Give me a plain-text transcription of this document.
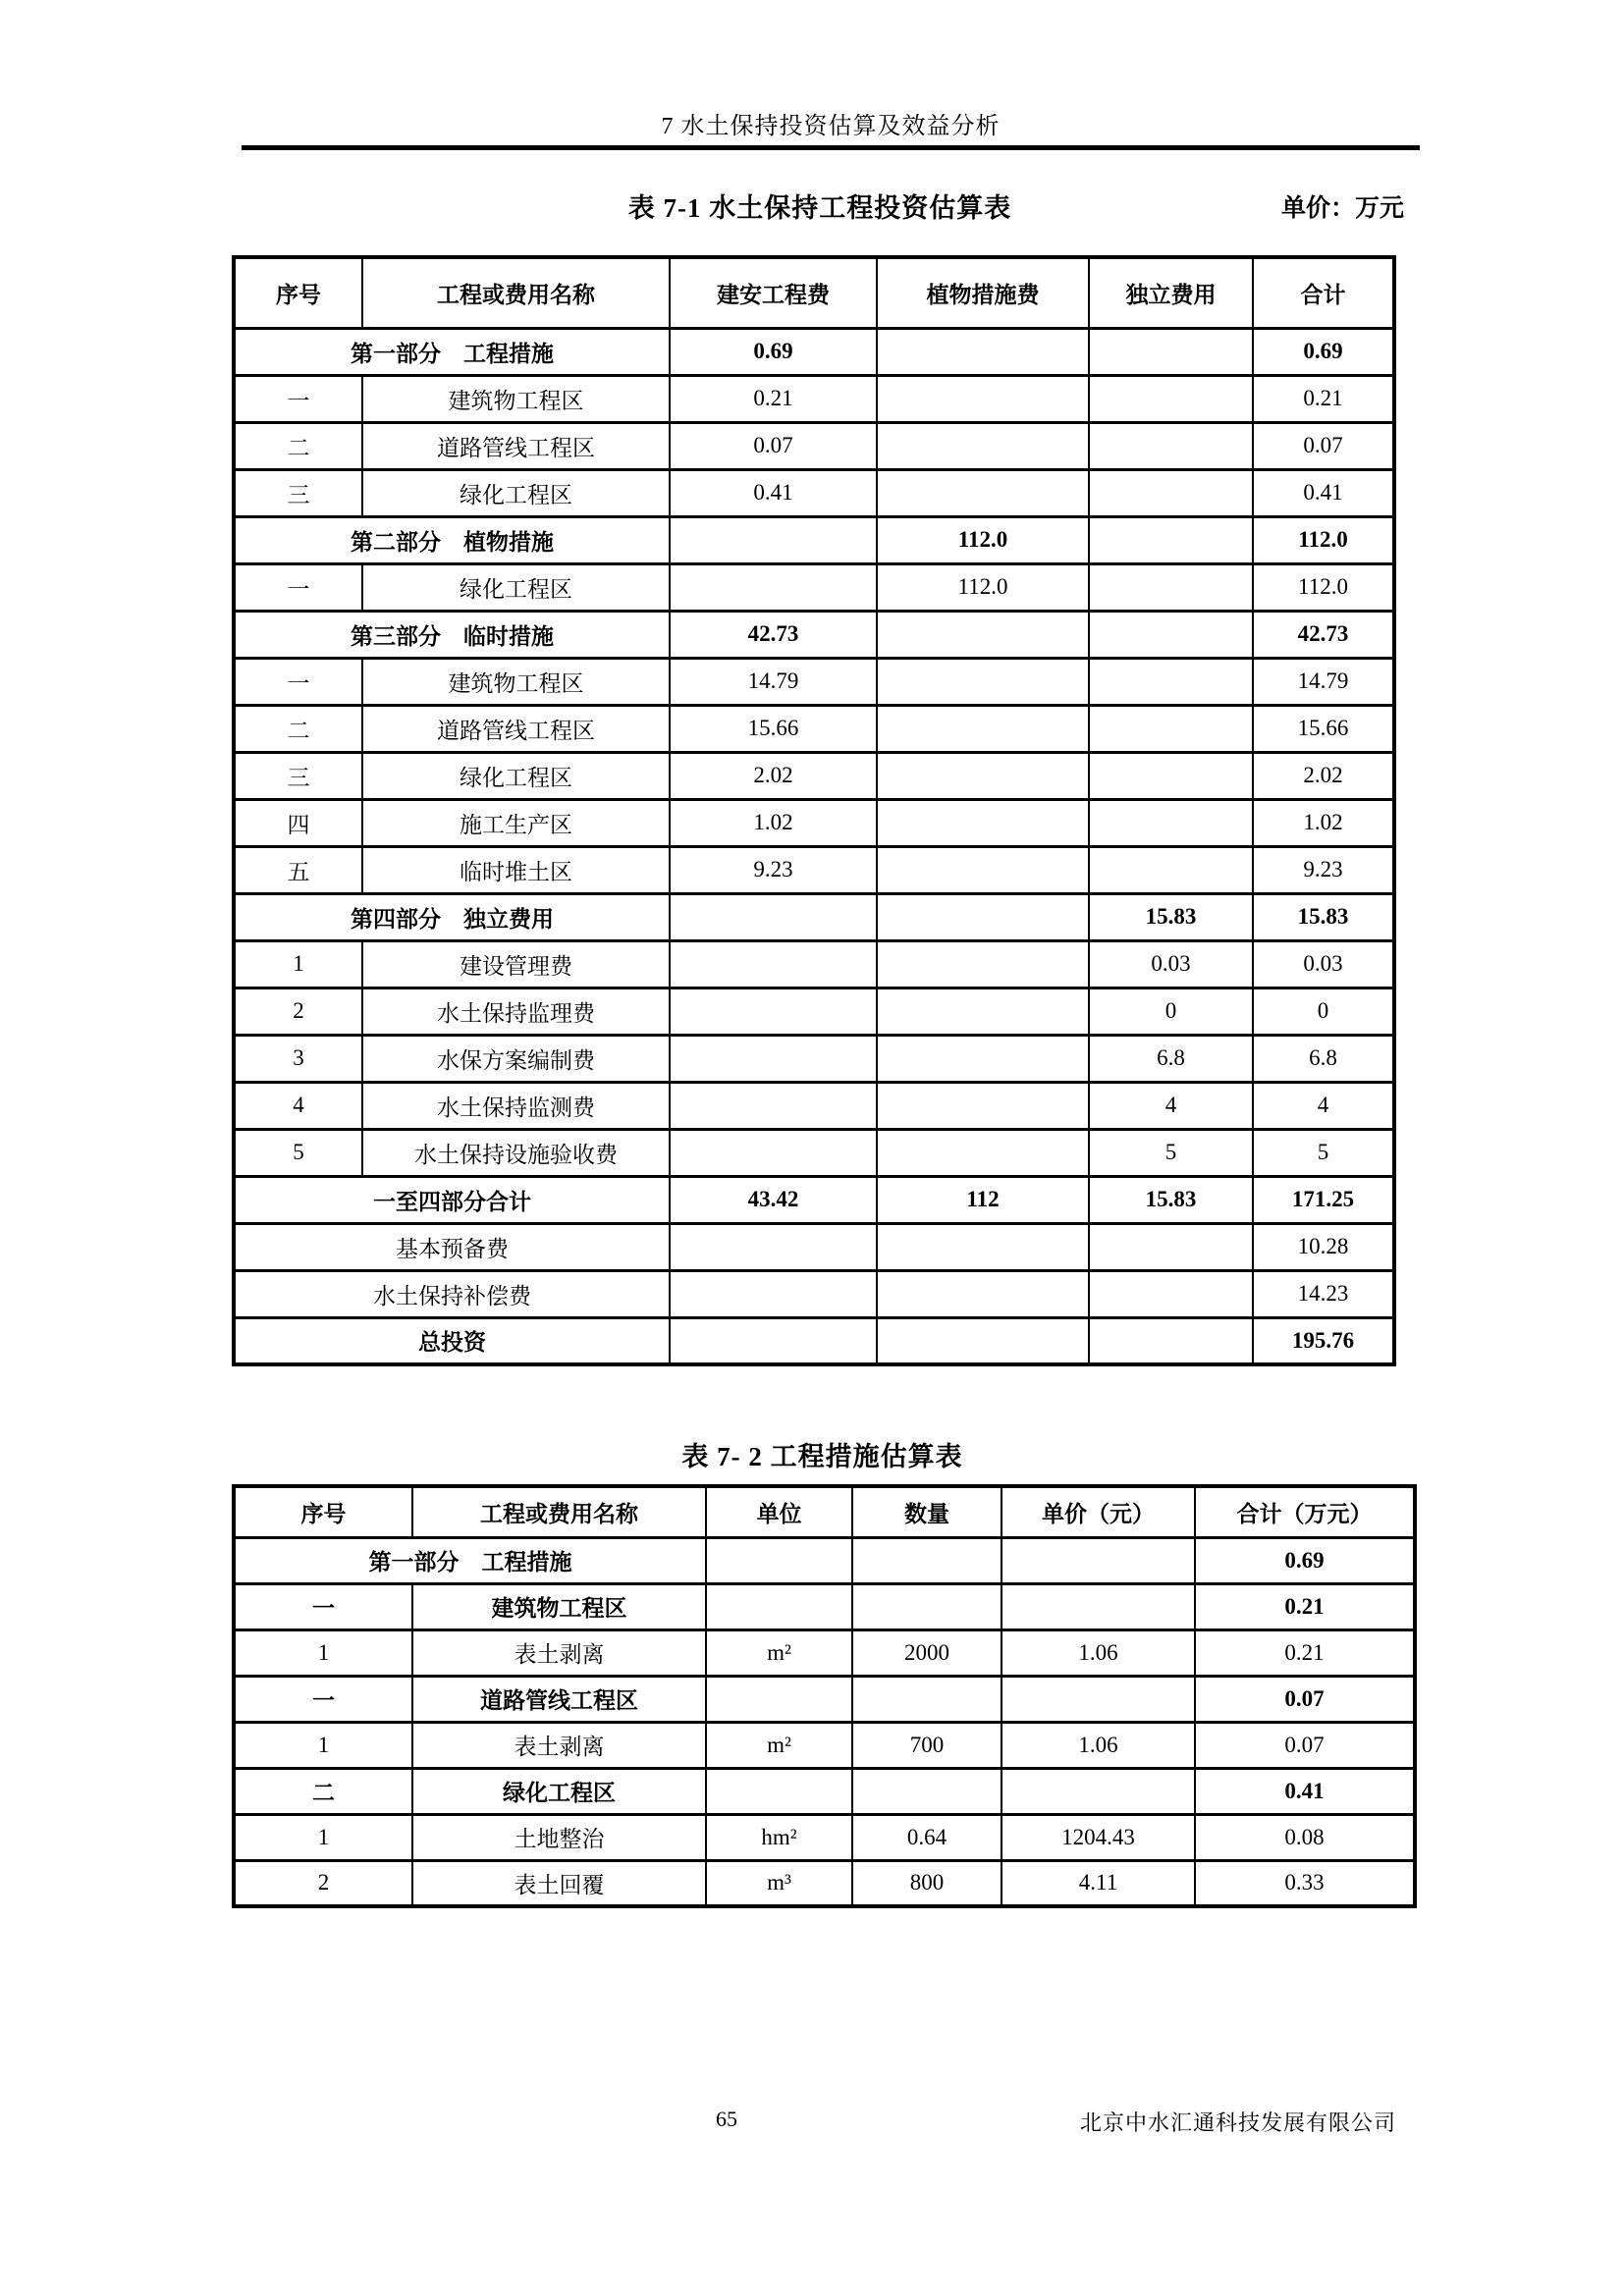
7 水土保持投资估算及效益分析
表 7-1 水土保持工程投资估算表	单价：万元
序号	工程或费用名称	建安工程费	植物措施费	独立费用	合计
第一部分　工程措施		0.69			0.69
一	建筑物工程区	0.21			0.21
二	道路管线工程区	0.07			0.07
三	绿化工程区	0.41			0.41
第二部分　植物措施			112.0		112.0
一	绿化工程区		112.0		112.0
第三部分　临时措施		42.73			42.73
一	建筑物工程区	14.79			14.79
二	道路管线工程区	15.66			15.66
三	绿化工程区	2.02			2.02
四	施工生产区	1.02			1.02
五	临时堆土区	9.23			9.23
第四部分　独立费用				15.83	15.83
1	建设管理费			0.03	0.03
2	水土保持监理费			0	0
3	水保方案编制费			6.8	6.8
4	水土保持监测费			4	4
5	水土保持设施验收费			5	5
一至四部分合计		43.42	112	15.83	171.25
基本预备费					10.28
水土保持补偿费					14.23
总投资					195.76
表 7- 2 工程措施估算表
序号	工程或费用名称	单位	数量	单价（元）	合计（万元）
第一部分　工程措施					0.69
一	建筑物工程区				0.21
1	表土剥离	m²	2000	1.06	0.21
一	道路管线工程区				0.07
1	表土剥离	m²	700	1.06	0.07
二	绿化工程区				0.41
1	土地整治	hm²	0.64	1204.43	0.08
2	表土回覆	m³	800	4.11	0.33
65	北京中水汇通科技发展有限公司
